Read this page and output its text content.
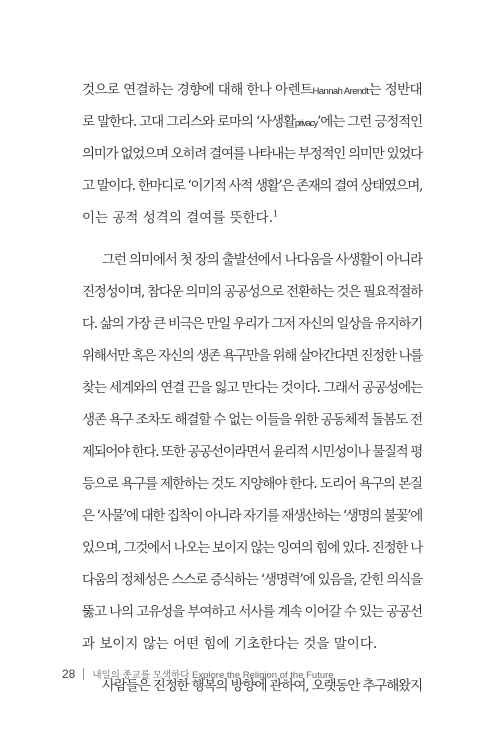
것으로 연결하는 경향에 대해 한나 아렌트Hannah Arendt는 정반대
로 말한다. 고대 그리스와 로마의 ‘사생활privacy’에는 그런 긍정적인
의미가 없었으며 오히려 결여를 나타내는 부정적인 의미만 있었다
고 말이다. 한마디로 ‘이기적 사적 생활’은 존재의 결여 상태였으며,
이는 공적 성격의 결여를 뜻한다.$^1$
그런 의미에서 첫 장의 출발선에서 나다움을 사생활이 아니라
진정성이며, 참다운 의미의 공공성으로 전환하는 것은 필요적절하
다. 삶의 가장 큰 비극은 만일 우리가 그저 자신의 일상을 유지하기
위해서만 혹은 자신의 생존 욕구만을 위해 살아간다면 진정한 나를
찾는 세계와의 연결 끈을 잃고 만다는 것이다. 그래서 공공성에는
생존 욕구 조차도 해결할 수 없는 이들을 위한 공동체적 돌봄도 전
제되어야 한다. 또한 공공선이라면서 윤리적 시민성이나 물질적 평
등으로 욕구를 제한하는 것도 지양해야 한다. 도리어 욕구의 본질
은 ‘사물’에 대한 집착이 아니라 자기를 재생산하는 ‘생명의 불꽃’에
있으며, 그것에서 나오는 보이지 않는 잉여의 힘에 있다. 진정한 나
다움의 정체성은 스스로 증식하는 ‘생명력’에 있음을, 갇힌 의식을
뚫고 나의 고유성을 부여하고 서사를 계속 이어갈 수 있는 공공선
과 보이지 않는 어떤 힘에 기초한다는 것을 말이다.
사람들은 진정한 행복의 방향에 관하여, 오랫동안 추구해왔지
28 내일의 종교를 모색하다 Explore the Religion of the Future
